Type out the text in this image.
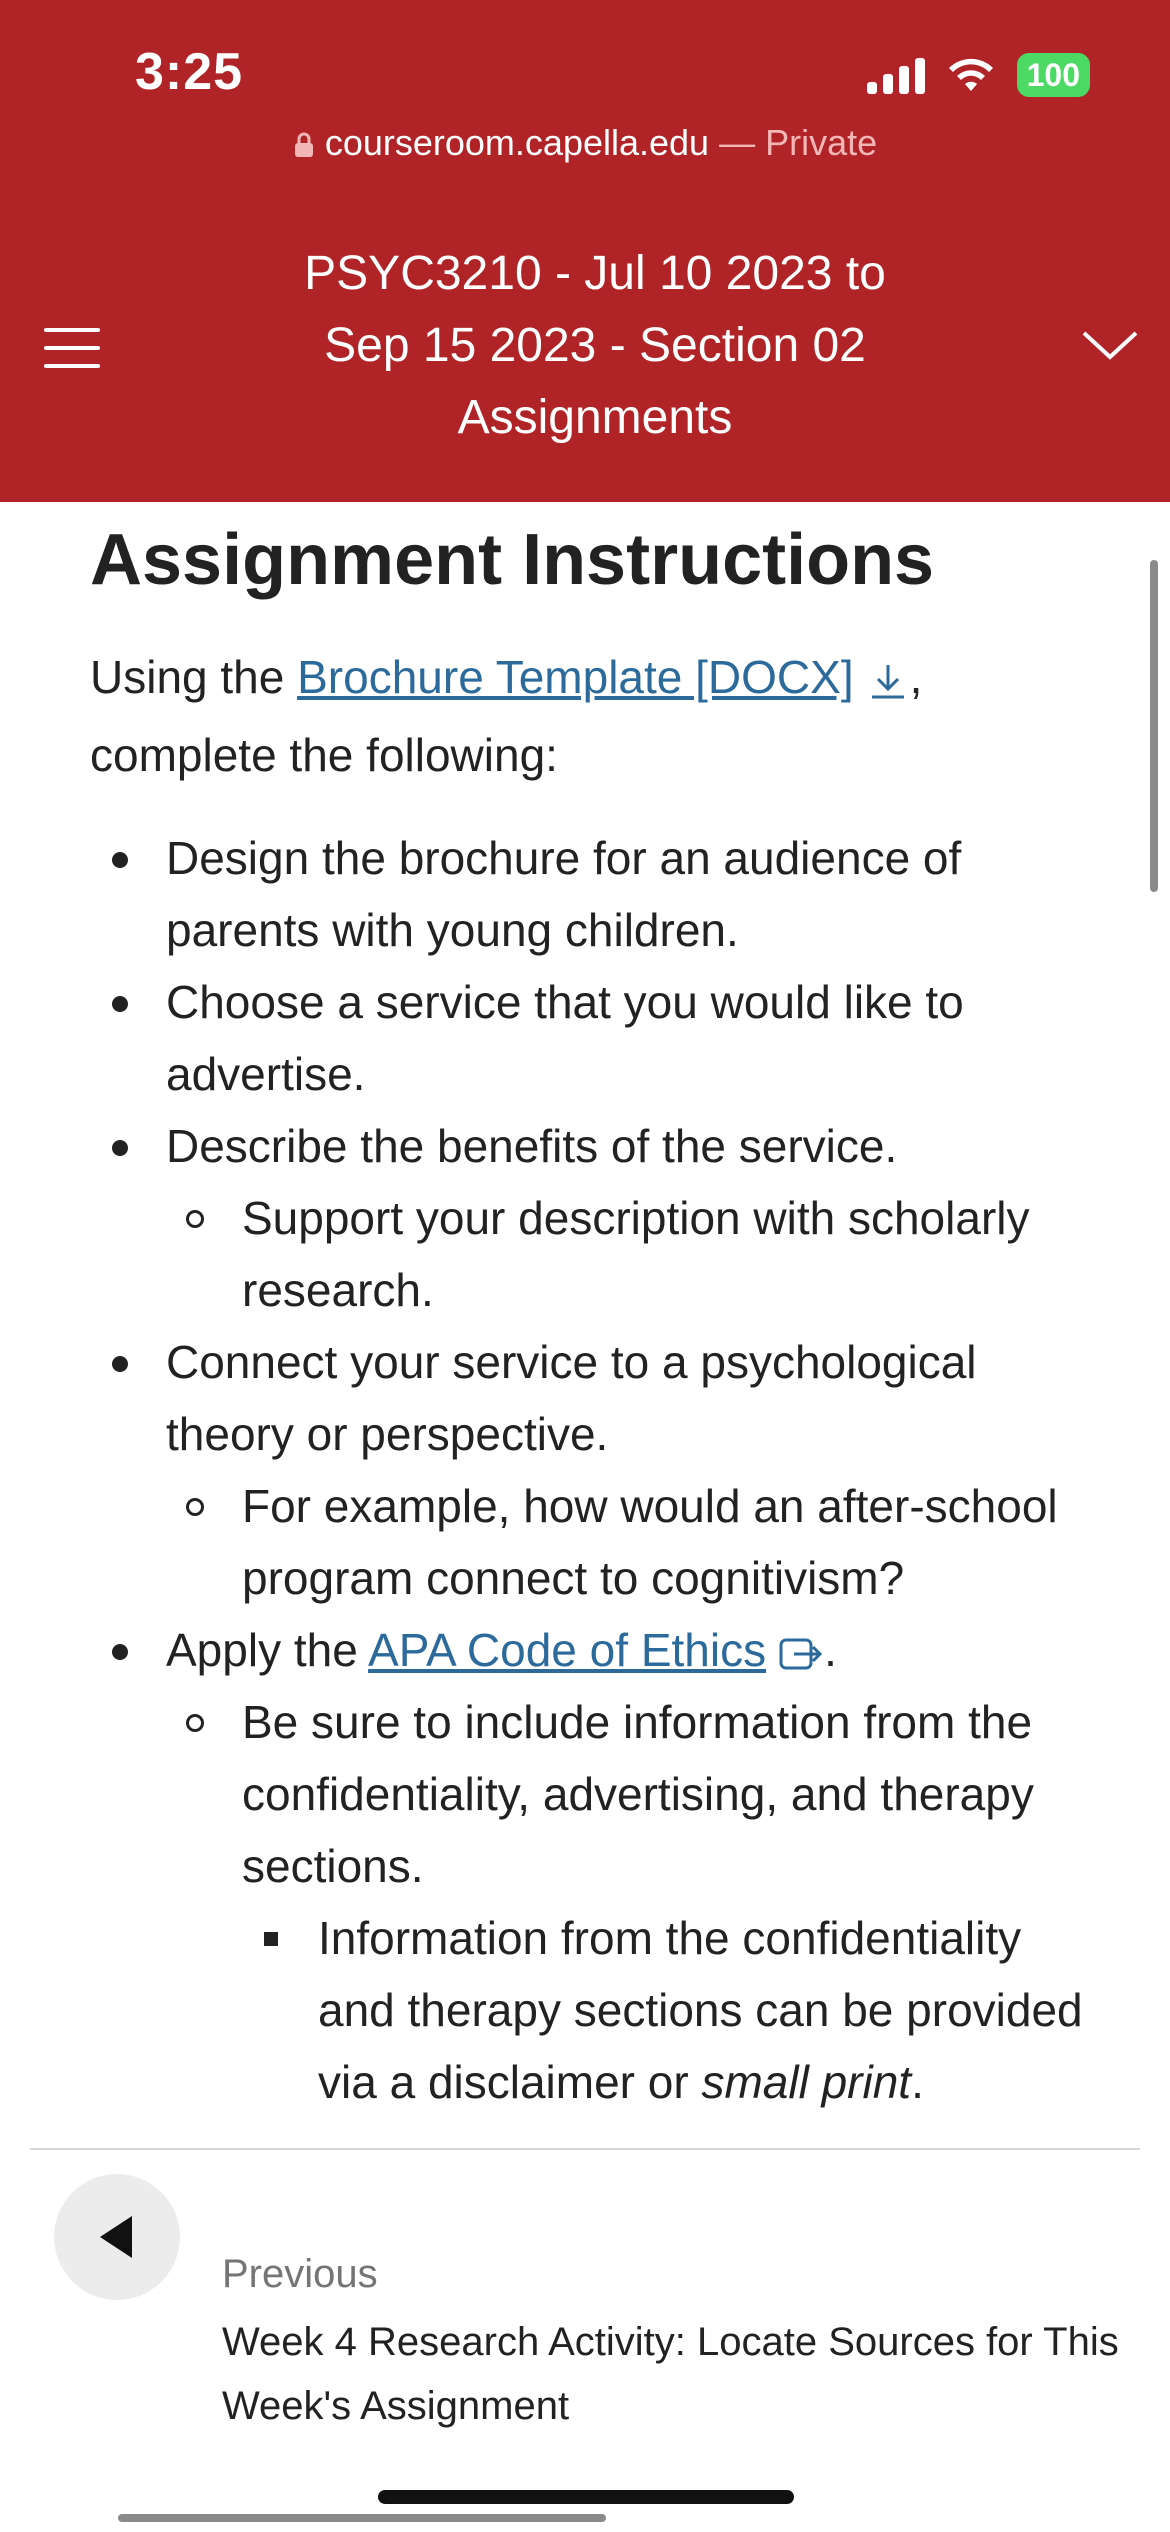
3:25	100
courseroom.capella.edu — Private
PSYC3210 - Jul 10 2023 to
Sep 15 2023 - Section 02
Assignments
Assignment Instructions
Using the Brochure Template [DOCX] ,
complete the following:
Design the brochure for an audience of parents with young children.
Choose a service that you would like to advertise.
Describe the benefits of the service.
Support your description with scholarly research.
Connect your service to a psychological theory or perspective.
For example, how would an after-school program connect to cognitivism?
Apply the APA Code of Ethics .
Be sure to include information from the confidentiality, advertising, and therapy sections.
Information from the confidentiality and therapy sections can be provided via a disclaimer or small print.
Previous
Week 4 Research Activity: Locate Sources for This Week's Assignment
